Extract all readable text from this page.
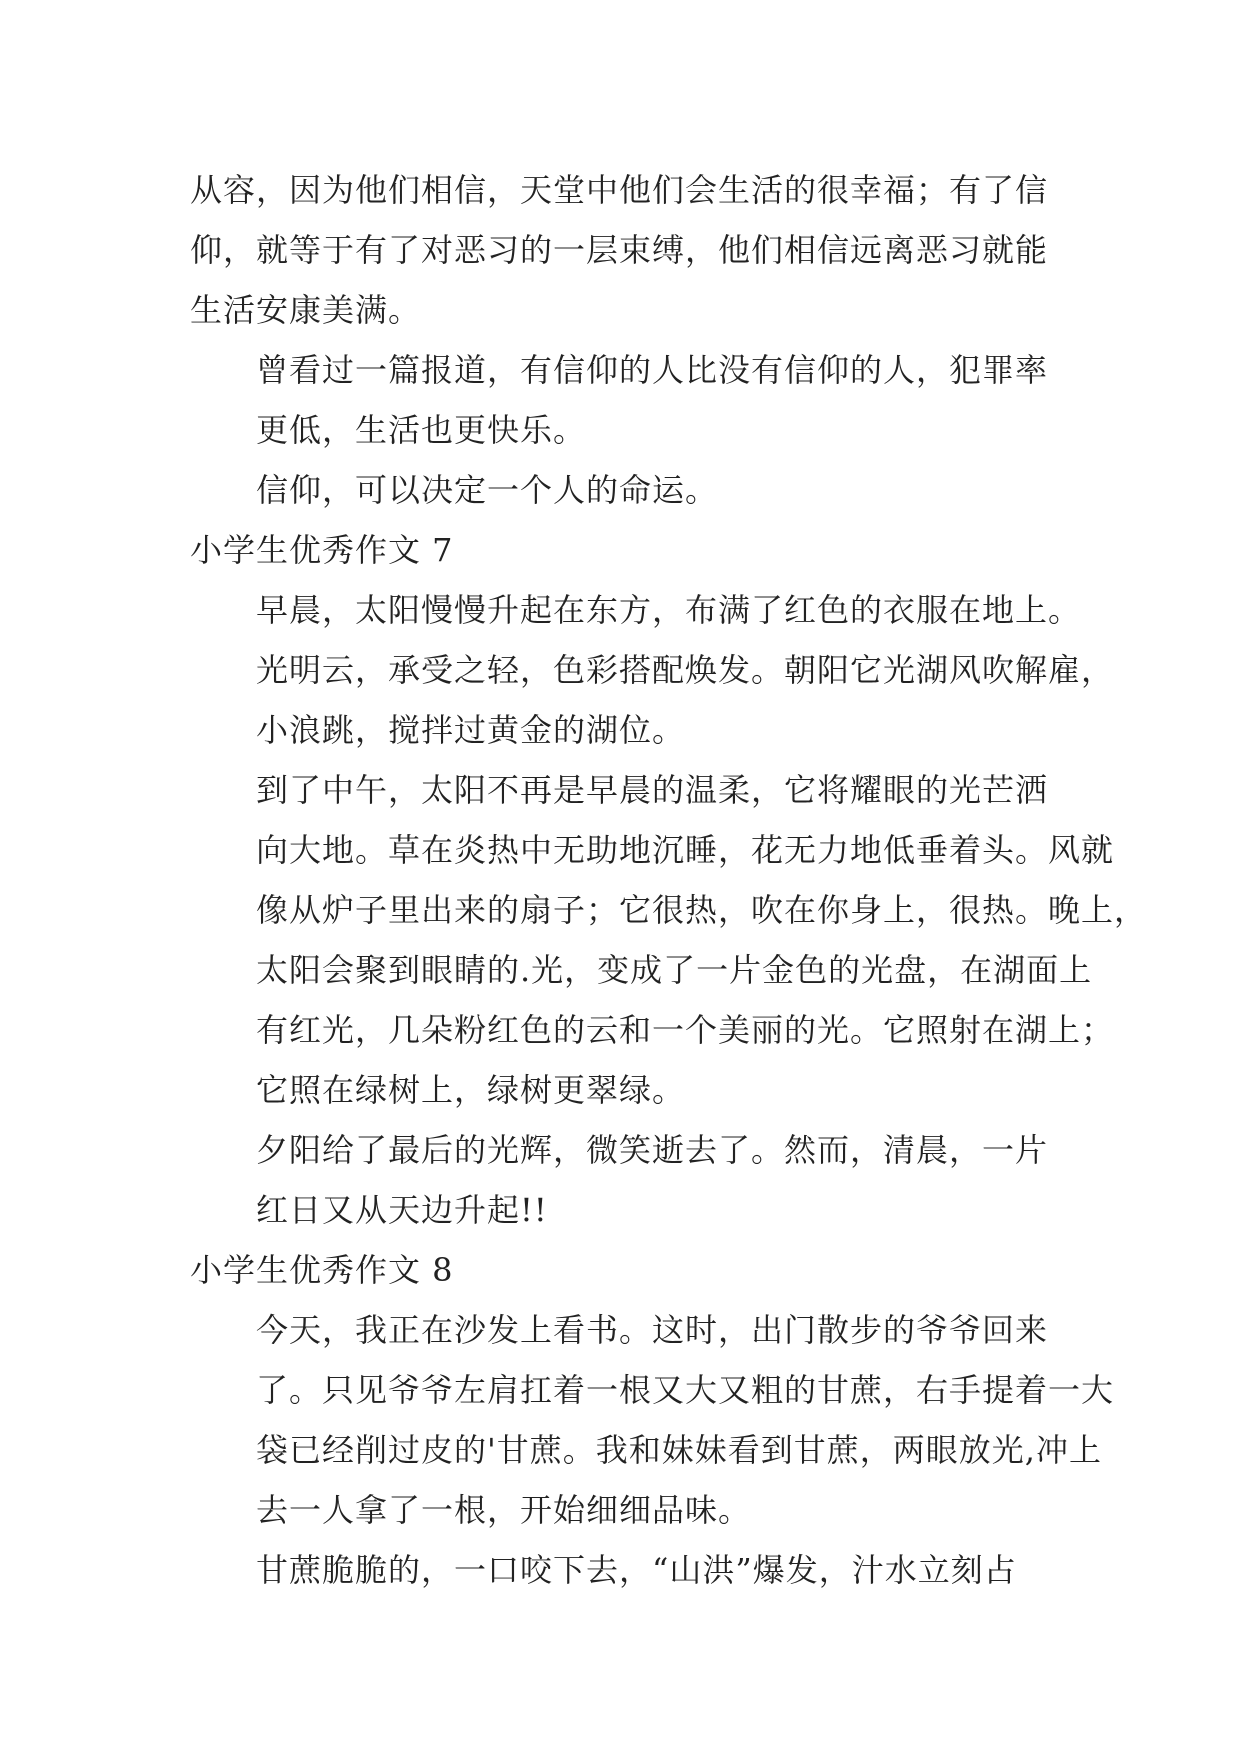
从容，因为他们相信，天堂中他们会生活的很幸福；有了信
仰，就等于有了对恶习的一层束缚，他们相信远离恶习就能
生活安康美满。

曾看过一篇报道，有信仰的人比没有信仰的人，犯罪率
更低，生活也更快乐。

信仰，可以决定一个人的命运。

小学生优秀作文 7

早晨，太阳慢慢升起在东方，布满了红色的衣服在地上。
光明云，承受之轻，色彩搭配焕发。朝阳它光湖风吹解雇，
小浪跳，搅拌过黄金的湖位。

到了中午，太阳不再是早晨的温柔，它将耀眼的光芒洒
向大地。草在炎热中无助地沉睡，花无力地低垂着头。风就
像从炉子里出来的扇子；它很热，吹在你身上，很热。晚上，
太阳会聚到眼睛的.光，变成了一片金色的光盘，在湖面上
有红光，几朵粉红色的云和一个美丽的光。它照射在湖上；
它照在绿树上，绿树更翠绿。

夕阳给了最后的光辉，微笑逝去了。然而，清晨，一片
红日又从天边升起!!

小学生优秀作文 8

今天，我正在沙发上看书。这时，出门散步的爷爷回来
了。只见爷爷左肩扛着一根又大又粗的甘蔗，右手提着一大
袋已经削过皮的'甘蔗。我和妹妹看到甘蔗，两眼放光,冲上
去一人拿了一根，开始细细品味。

甘蔗脆脆的，一口咬下去，“山洪”爆发，汁水立刻占
